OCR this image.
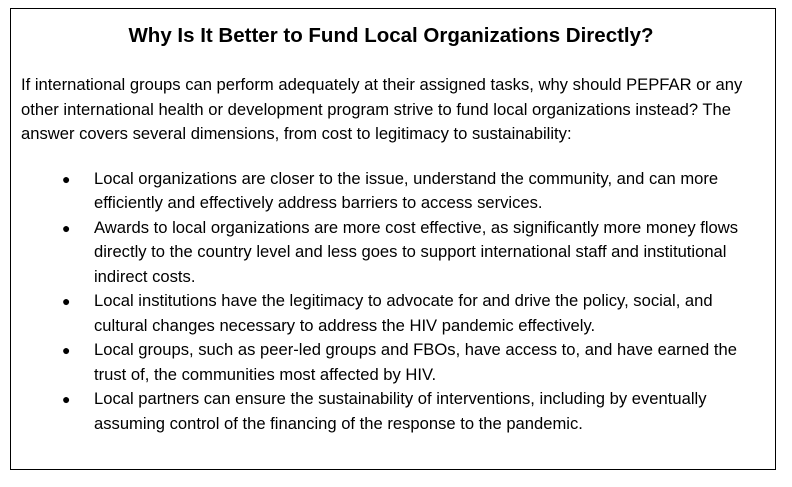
Why Is It Better to Fund Local Organizations Directly?

If international groups can perform adequately at their assigned tasks, why should PEPFAR or any other international health or development program strive to fund local organizations instead? The answer covers several dimensions, from cost to legitimacy to sustainability:

● Local organizations are closer to the issue, understand the community, and can more efficiently and effectively address barriers to access services.
● Awards to local organizations are more cost effective, as significantly more money flows directly to the country level and less goes to support international staff and institutional indirect costs.
● Local institutions have the legitimacy to advocate for and drive the policy, social, and cultural changes necessary to address the HIV pandemic effectively.
● Local groups, such as peer-led groups and FBOs, have access to, and have earned the trust of, the communities most affected by HIV.
● Local partners can ensure the sustainability of interventions, including by eventually assuming control of the financing of the response to the pandemic.
